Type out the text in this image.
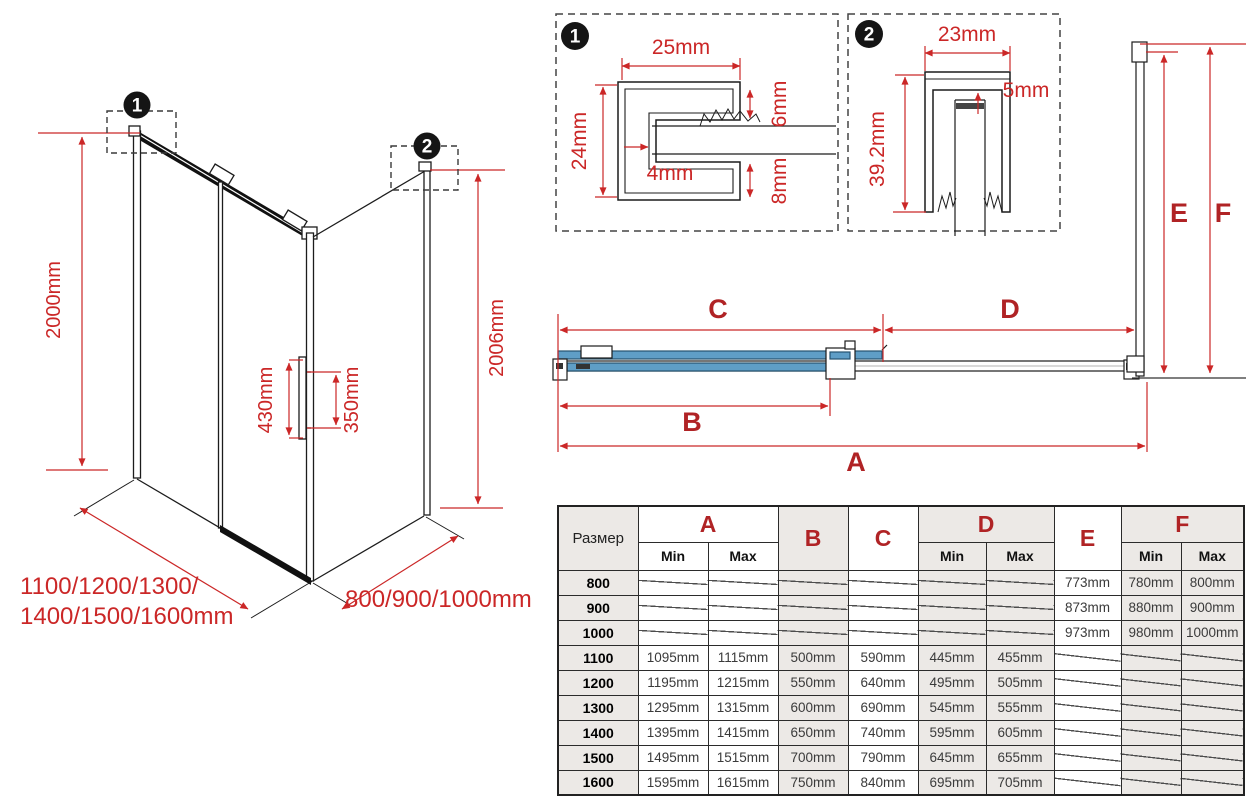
1
2
2000mm	2006mm
430mm	350mm
1100/1200/1300/
1400/1500/1600mm
800/900/1000mm
1	25mm
24mm
4mm
6mm
8mm
2	23mm
39.2mm
5mm
C	D
B
A
E F
Размер	A		B	C	D		E	F	
	Min	Max			Min	Max		Min	Max
800							773mm	780mm	800mm
900							873mm	880mm	900mm
1000							973mm	980mm	1000mm
1100	1095mm	1115mm	500mm	590mm	445mm	455mm			
1200	1195mm	1215mm	550mm	640mm	495mm	505mm			
1300	1295mm	1315mm	600mm	690mm	545mm	555mm			
1400	1395mm	1415mm	650mm	740mm	595mm	605mm			
1500	1495mm	1515mm	700mm	790mm	645mm	655mm			
1600	1595mm	1615mm	750mm	840mm	695mm	705mm			
